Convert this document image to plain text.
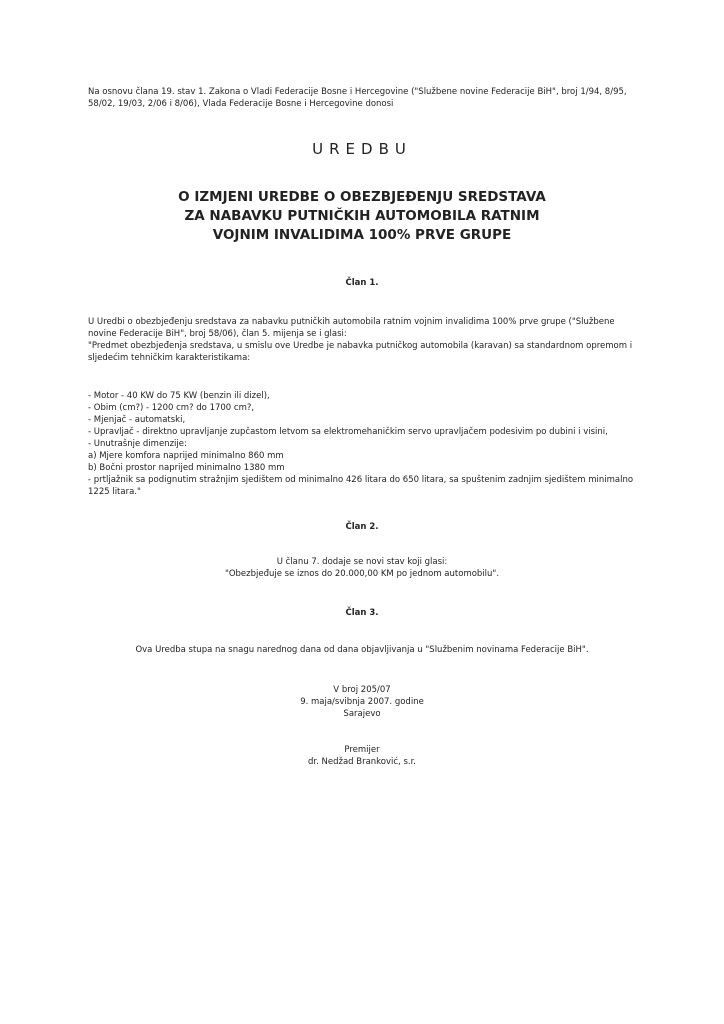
Na osnovu člana 19. stav 1. Zakona o Vladi Federacije Bosne i Hercegovine ("Službene novine Federacije BiH", broj 1/94, 8/95, 58/02, 19/03, 2/06 i 8/06), Vlada Federacije Bosne i Hercegovine donosi

UREDBU

O IZMJENI UREDBE O OBEZBJEĐENJU SREDSTAVA
ZA NABAVKU PUTNIČKIH AUTOMOBILA RATNIM
VOJNIM INVALIDIMA 100% PRVE GRUPE

Član 1.

U Uredbi o obezbjeđenju sredstava za nabavku putničkih automobila ratnim vojnim invalidima 100% prve grupe ("Službene novine Federacije BiH", broj 58/06), član 5. mijenja se i glasi:

"Predmet obezbjeđenja sredstava, u smislu ove Uredbe je nabavka putničkog automobila (karavan) sa standardnom opremom i sljedećim tehničkim karakteristikama:

- Motor - 40 KW do 75 KW (benzin ili dizel),
- Obim (cm?) - 1200 cm? do 1700 cm?,
- Mjenjač - automatski,
- Upravljač - direktno upravljanje zupčastom letvom sa elektromehaničkim servo upravljačem podesivim po dubini i visini,
- Unutrašnje dimenzije:
a) Mjere komfora naprijed minimalno 860 mm
b) Bočni prostor naprijed minimalno 1380 mm
- prtljažnik sa podignutim stražnjim sjedištem od minimalno 426 litara do 650 litara, sa spuštenim zadnjim sjedištem minimalno 1225 litara."

Član 2.

U članu 7. dodaje se novi stav koji glasi:

"Obezbjeđuje se iznos do 20.000,00 KM po jednom automobilu".

Član 3.

Ova Uredba stupa na snagu narednog dana od dana objavljivanja u "Službenim novinama Federacije BiH".

V broj 205/07

9. maja/svibnja 2007. godine

Sarajevo

Premijer

dr. Nedžad Branković, s.r.
